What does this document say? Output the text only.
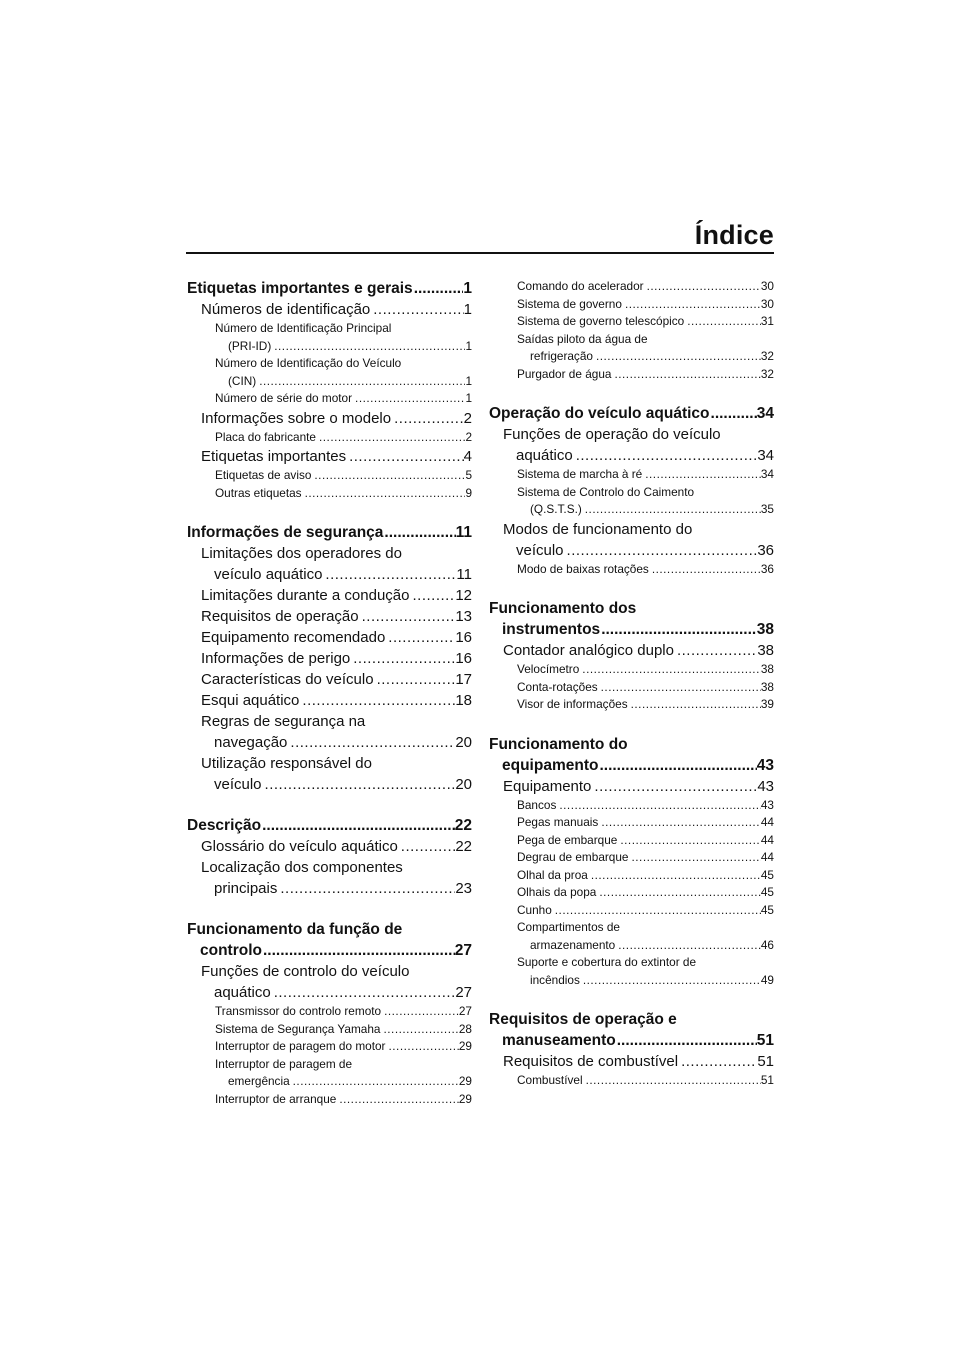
Índice
Etiquetas importantes e gerais .....	1
Números de identificação .....	1
Número de Identificação Principal
(PRI-ID) .....	1
Número de Identificação do Veículo
(CIN) .....	1
Número de série do motor .....	1
Informações sobre o modelo .....	2
Placa do fabricante .....	2
Etiquetas importantes .....	4
Etiquetas de aviso .....	5
Outras etiquetas .....	9
Informações de segurança .....	11
Limitações dos operadores do
veículo aquático .....	11
Limitações durante a condução .....	12
Requisitos de operação .....	13
Equipamento recomendado .....	16
Informações de perigo .....	16
Características do veículo .....	17
Esqui aquático .....	18
Regras de segurança na
navegação .....	20
Utilização responsável do
veículo .....	20
Descrição .....	22
Glossário do veículo aquático .....	22
Localização dos componentes
principais .....	23
Funcionamento da função de
controlo .....	27
Funções de controlo do veículo
aquático .....	27
Transmissor do controlo remoto .....	27
Sistema de Segurança Yamaha .....	28
Interruptor de paragem do motor .....	29
Interruptor de paragem de
emergência .....	29
Interruptor de arranque .....	29
Comando do acelerador .....	30
Sistema de governo .....	30
Sistema de governo telescópico .....	31
Saídas piloto da água de
refrigeração .....	32
Purgador de água .....	32
Operação do veículo aquático .....	34
Funções de operação do veículo
aquático .....	34
Sistema de marcha à ré .....	34
Sistema de Controlo do Caimento
(Q.S.T.S.) .....	35
Modos de funcionamento do
veículo .....	36
Modo de baixas rotações .....	36
Funcionamento dos
instrumentos .....	38
Contador analógico duplo .....	38
Velocímetro .....	38
Conta-rotações .....	38
Visor de informações .....	39
Funcionamento do
equipamento .....	43
Equipamento .....	43
Bancos .....	43
Pegas manuais .....	44
Pega de embarque .....	44
Degrau de embarque .....	44
Olhal da proa .....	45
Olhais da popa .....	45
Cunho .....	45
Compartimentos de
armazenamento .....	46
Suporte e cobertura do extintor de
incêndios .....	49
Requisitos de operação e
manuseamento .....	51
Requisitos de combustível .....	51
Combustível .....	51
